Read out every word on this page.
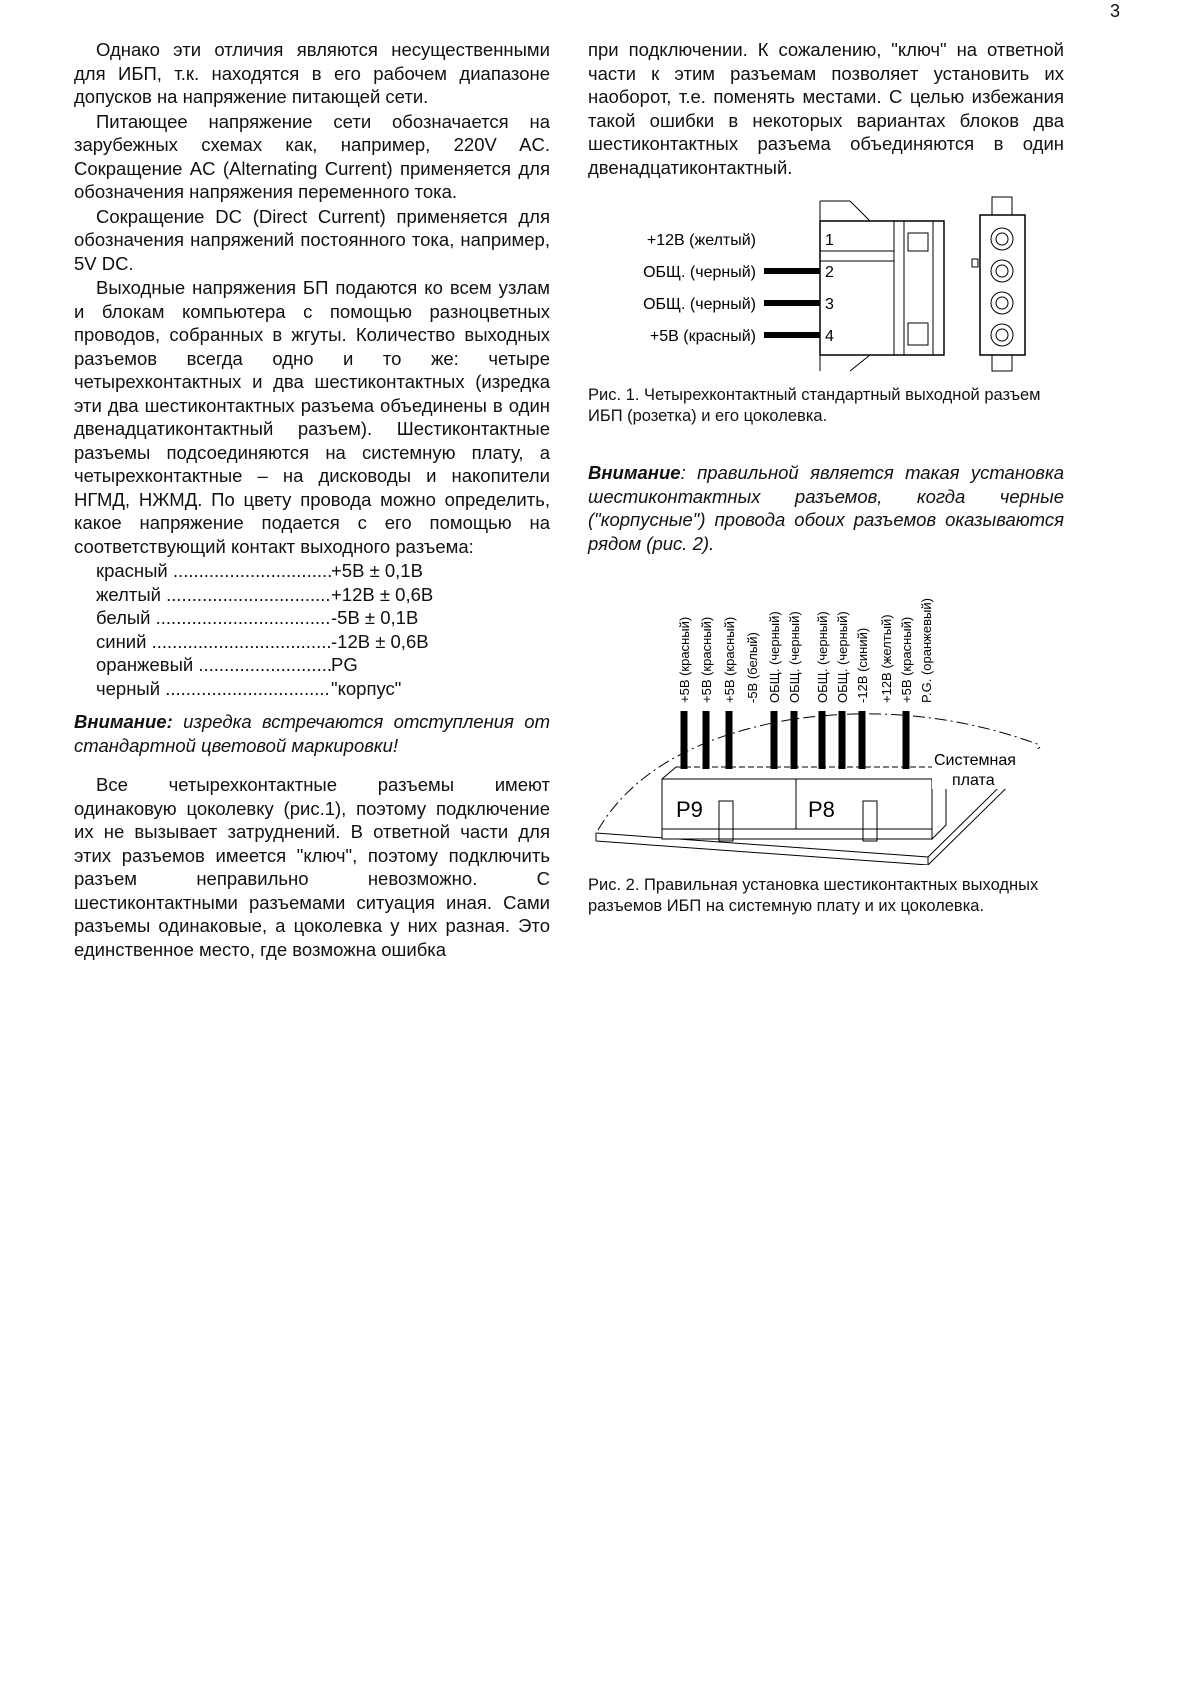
3

Однако эти отличия являются несущественными для ИБП, т.к. находятся в его рабочем диапазоне допусков на напряжение питающей сети.

Питающее напряжение сети обозначается на зарубежных схемах как, например, 220V AC. Сокращение AC (Alternating Current) применяется для обозначения напряжения переменного тока.

Сокращение DC (Direct Current) применяется для обозначения напряжений постоянного тока, например, 5V DC.

Выходные напряжения БП подаются ко всем узлам и блокам компьютера с помощью разноцветных проводов, собранных в жгуты. Количество выходных разъемов всегда одно и то же: четыре четырехконтактных и два шестиконтактных (изредка эти два шестиконтактных разъема объединены в один двенадцатиконтактный разъем). Шестиконтактные разъемы подсоединяются на системную плату, а четырехконтактные – на дисководы и накопители НГМД, НЖМД. По цвету провода можно определить, какое напряжение подается с его помощью на соответствующий контакт выходного разъема:

красный .....	+5В ± 0,1В
желтый .....	+12В ± 0,6В
белый .....	-5В ± 0,1В
синий .....	-12В ± 0,6В
оранжевый .....	PG
черный .....	"корпус"

Внимание: изредка встречаются отступления от стандартной цветовой маркировки!

Все четырехконтактные разъемы имеют одинаковую цоколевку (рис.1), поэтому подключение их не вызывает затруднений. В ответной части для этих разъемов имеется "ключ", поэтому подключить разъем неправильно невозможно. С шестиконтактными разъемами ситуация иная. Сами разъемы одинаковые, а цоколевка у них разная. Это единственное место, где возможна ошибка

при подключении. К сожалению, "ключ" на ответной части к этим разъемам позволяет установить их наоборот, т.е. поменять местами. С целью избежания такой ошибки в некоторых вариантах блоков два шестиконтактных разъема объединяются в один двенадцатиконтактный.

+12В (желтый)	1
ОБЩ. (черный)	2
ОБЩ. (черный)	3
+5В (красный)	4
Рис. 1. Четырехконтактный стандартный выходной разъем ИБП (розетка) и его цоколевка.

Внимание: правильной является такая установка шестиконтактных разъемов, когда черные ("корпусные") провода обоих разъемов оказываются рядом (рис. 2).

P9	P8
Системная
плата
+5В (красный) +5В (красный) +5В (красный) -5В (белый) ОБЩ. (черный) ОБЩ. (черный) ОБЩ. (черный) ОБЩ. (черный) -12В (синий) +12В (желтый) +5В (красный) P.G. (оранжевый)
Рис. 2. Правильная установка шестиконтактных выходных разъемов ИБП на системную плату и их цоколевка.
